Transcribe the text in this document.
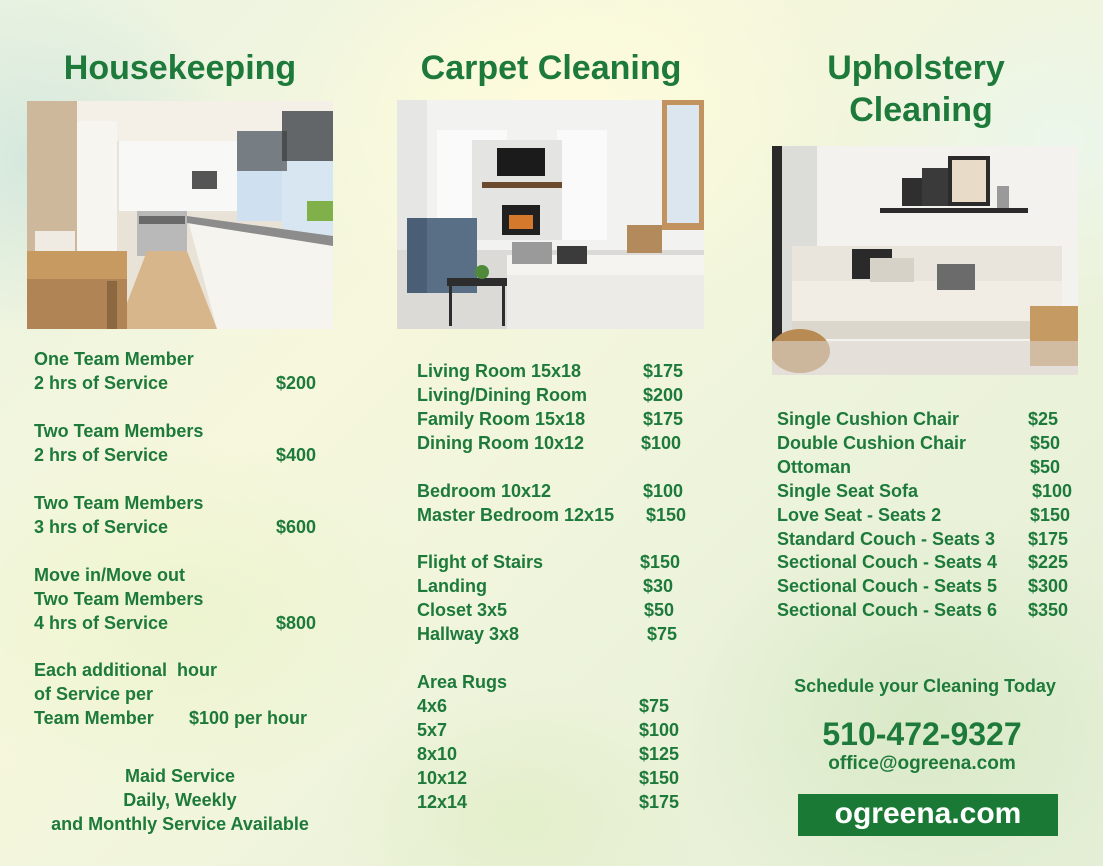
Housekeeping
One Team Member
2 hrs of Service	$200
Two Team Members
2 hrs of Service	$400
Two Team Members
3 hrs of Service	$600
Move in/Move out
Two Team Members
4 hrs of Service	$800
Each additional  hour
of Service per
Team Member $100 per hour
Maid Service
Daily, Weekly
and Monthly Service Available
Carpet Cleaning
Living Room 15x18	$175
Living/Dining Room	$200
Family Room 15x18	$175
Dining Room 10x12	$100
Bedroom 10x12	$100
Master Bedroom 12x15 $150
Flight of Stairs	$150
Landing	$30
Closet 3x5	$50
Hallway 3x8	$75
Area Rugs
4x6	$75
5x7	$100
8x10	$125
10x12	$150
12x14	$175
Upholstery
Cleaning
Single Cushion Chair	$25
Double Cushion Chair	$50
Ottoman	$50
Single Seat Sofa	$100
Love Seat - Seats 2	$150
Standard Couch - Seats 3 $175
Sectional Couch - Seats 4 $225
Sectional Couch - Seats 5 $300
Sectional Couch - Seats 6 $350
Schedule your Cleaning Today
510-472-9327
office@ogreena.com
ogreena.com
